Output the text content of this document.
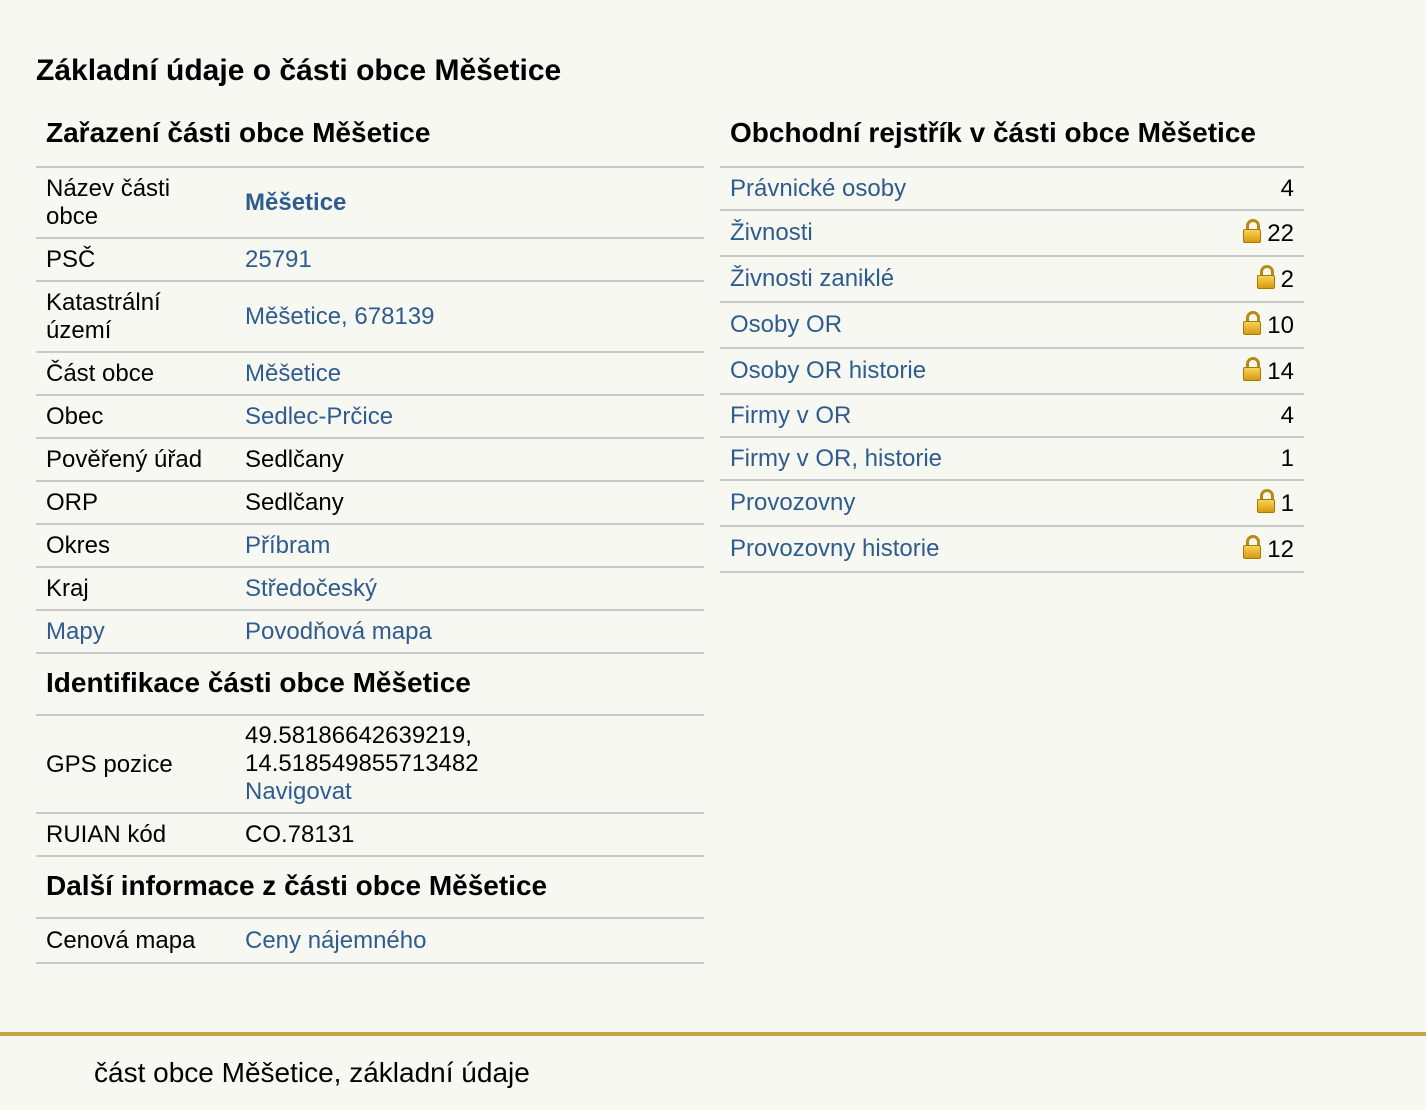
Základní údaje o části obce Měšetice
Zařazení části obce Měšetice
Název části obce	Měšetice
PSČ	25791
Katastrální území	Měšetice, 678139
Část obce	Měšetice
Obec	Sedlec-Prčice
Pověřený úřad	Sedlčany
ORP	Sedlčany
Okres	Příbram
Kraj	Středočeský
Mapy	Povodňová mapa
Identifikace části obce Měšetice
GPS pozice	49.58186642639219,
14.518549855713482
Navigovat
RUIAN kód	CO.78131
Další informace z části obce Měšetice
Cenová mapa	Ceny nájemného
Obchodní rejstřík v části obce Měšetice
Právnické osoby	4
Živnosti	22
Živnosti zaniklé	2
Osoby OR	10
Osoby OR historie	14
Firmy v OR	4
Firmy v OR, historie	1
Provozovny	1
Provozovny historie	12
část obce Měšetice, základní údaje
